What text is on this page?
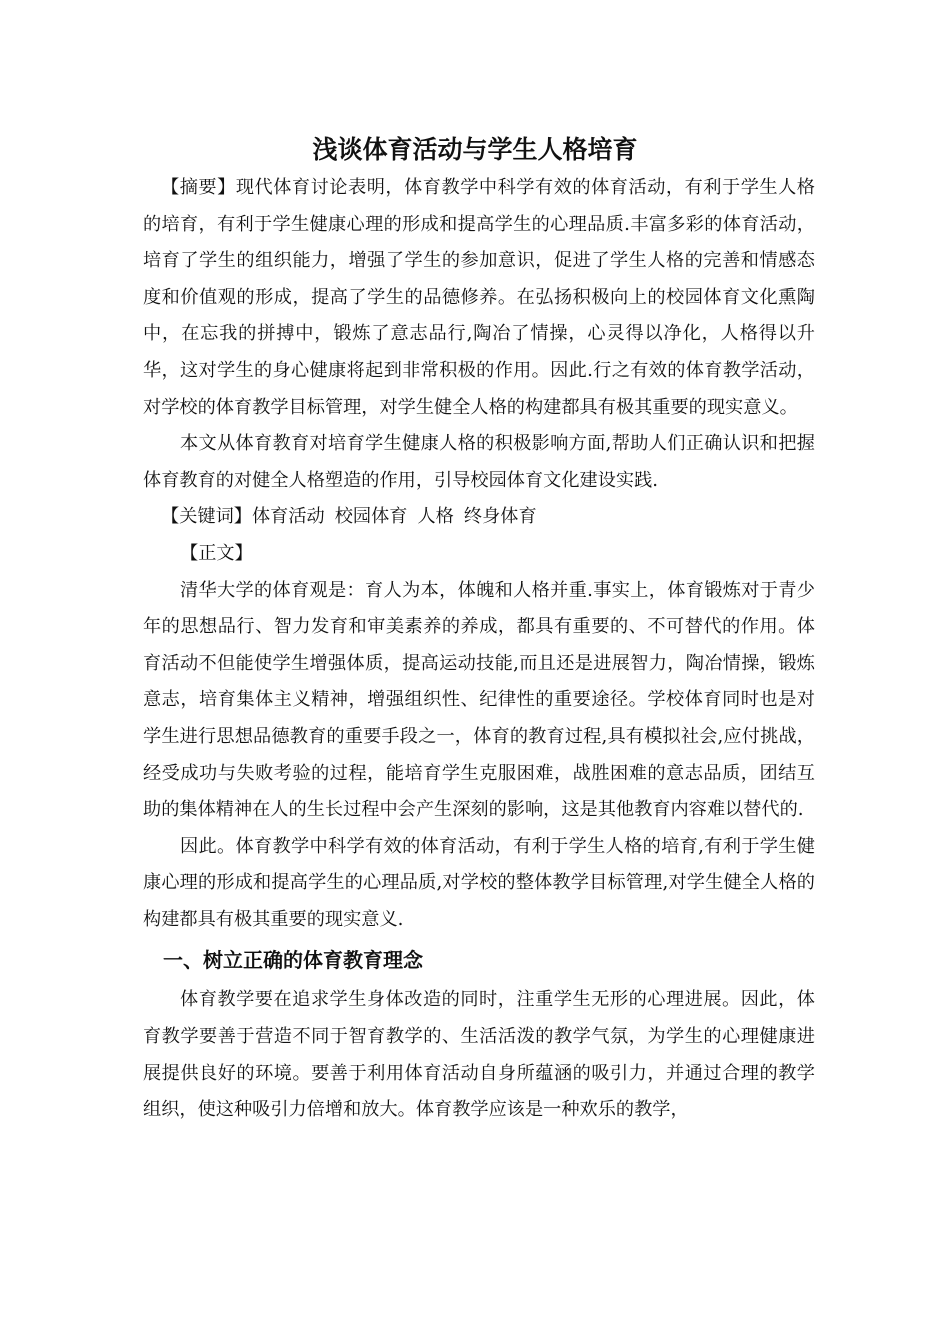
浅谈体育活动与学生人格培育

【摘要】现代体育讨论表明，体育教学中科学有效的体育活动，有利于学生人格的培育，有利于学生健康心理的形成和提高学生的心理品质.丰富多彩的体育活动，培育了学生的组织能力，增强了学生的参加意识，促进了学生人格的完善和情感态度和价值观的形成，提高了学生的品德修养。在弘扬积极向上的校园体育文化熏陶中，在忘我的拼搏中，锻炼了意志品行,陶冶了情操，心灵得以净化，人格得以升华，这对学生的身心健康将起到非常积极的作用。因此.行之有效的体育教学活动，对学校的体育教学目标管理，对学生健全人格的构建都具有极其重要的现实意义。

本文从体育教育对培育学生健康人格的积极影响方面,帮助人们正确认识和把握体育教育的对健全人格塑造的作用，引导校园体育文化建设实践.

【关键词】体育活动 校园体育 人格 终身体育

【正文】

清华大学的体育观是：育人为本，体魄和人格并重.事实上，体育锻炼对于青少年的思想品行、智力发育和审美素养的养成，都具有重要的、不可替代的作用。体育活动不但能使学生增强体质，提高运动技能,而且还是进展智力，陶冶情操，锻炼意志，培育集体主义精神，增强组织性、纪律性的重要途径。学校体育同时也是对学生进行思想品德教育的重要手段之一，体育的教育过程,具有模拟社会,应付挑战，经受成功与失败考验的过程，能培育学生克服困难，战胜困难的意志品质，团结互助的集体精神在人的生长过程中会产生深刻的影响，这是其他教育内容难以替代的.

因此。体育教学中科学有效的体育活动，有利于学生人格的培育,有利于学生健康心理的形成和提高学生的心理品质,对学校的整体教学目标管理,对学生健全人格的构建都具有极其重要的现实意义.

一、树立正确的体育教育理念

体育教学要在追求学生身体改造的同时，注重学生无形的心理进展。因此，体育教学要善于营造不同于智育教学的、生活活泼的教学气氛，为学生的心理健康进展提供良好的环境。要善于利用体育活动自身所蕴涵的吸引力，并通过合理的教学组织，使这种吸引力倍增和放大。体育教学应该是一种欢乐的教学，
